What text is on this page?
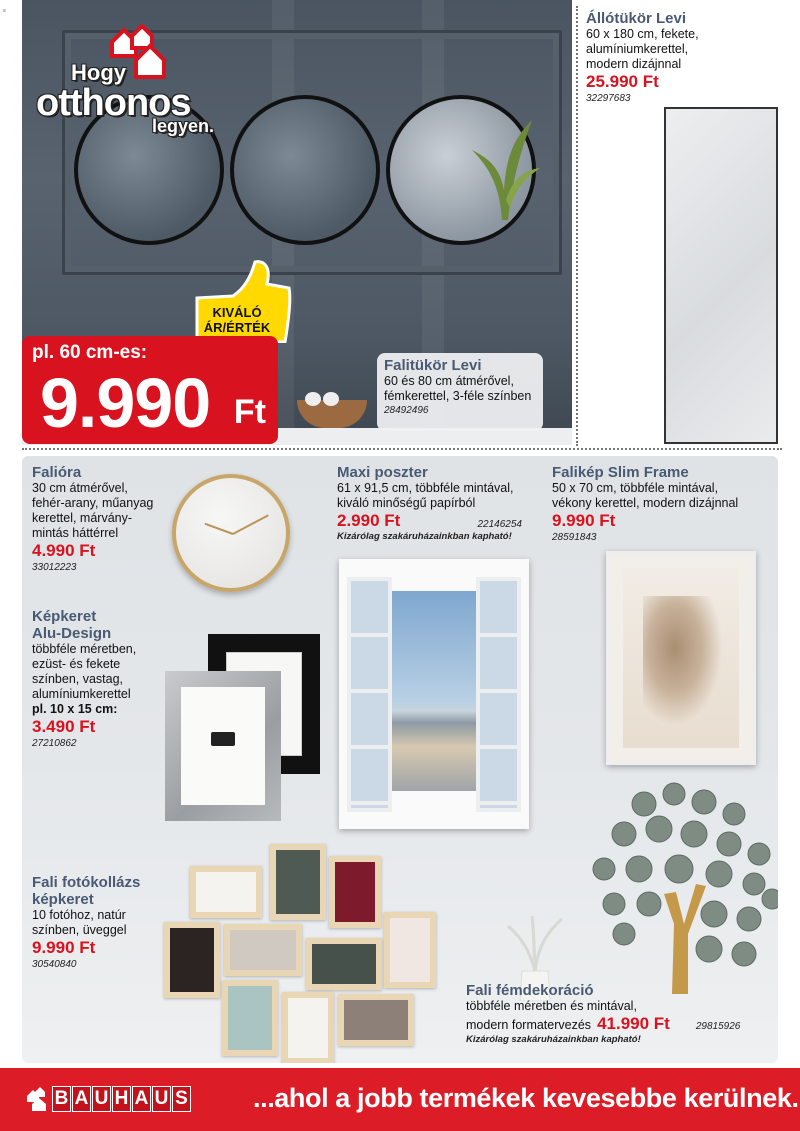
≡
Hogy
otthonos
legyen.
KIVÁLÓ
ÁR/ÉRTÉK
pl. 60 cm-es:
9.990 Ft
Falitükör Levi
60 és 80 cm átmérővel,
fémkerettel, 3-féle színben
28492496
Állótükör Levi
60 x 180 cm, fekete,
alumíniumkerettel,
modern dizájnnal
25.990 Ft
32297683
Falióra
30 cm átmérővel,
fehér-arany, műanyag
kerettel, márvány-
mintás háttérrel
4.990 Ft
33012223
Maxi poszter
61 x 91,5 cm, többféle mintával,
kiváló minőségű papírból
2.990 Ft	22146254
Kizárólag szakáruházainkban kapható!
Falikép Slim Frame
50 x 70 cm, többféle mintával,
vékony kerettel, modern dizájnnal
9.990 Ft
28591843
Képkeret
Alu-Design
többféle méretben,
ezüst- és fekete
színben, vastag,
alumíniumkerettel
pl. 10 x 15 cm:
3.490 Ft
27210862
Fali fotókollázs
képkeret
10 fotóhoz, natúr
színben, üveggel
9.990 Ft
30540840
Fali fémdekoráció
többféle méretben és mintával,
modern formatervezés 41.990 Ft	29815926
Kizárólag szakáruházainkban kapható!
B A U H A U S ...ahol a jobb termékek kevesebbe kerülnek.
